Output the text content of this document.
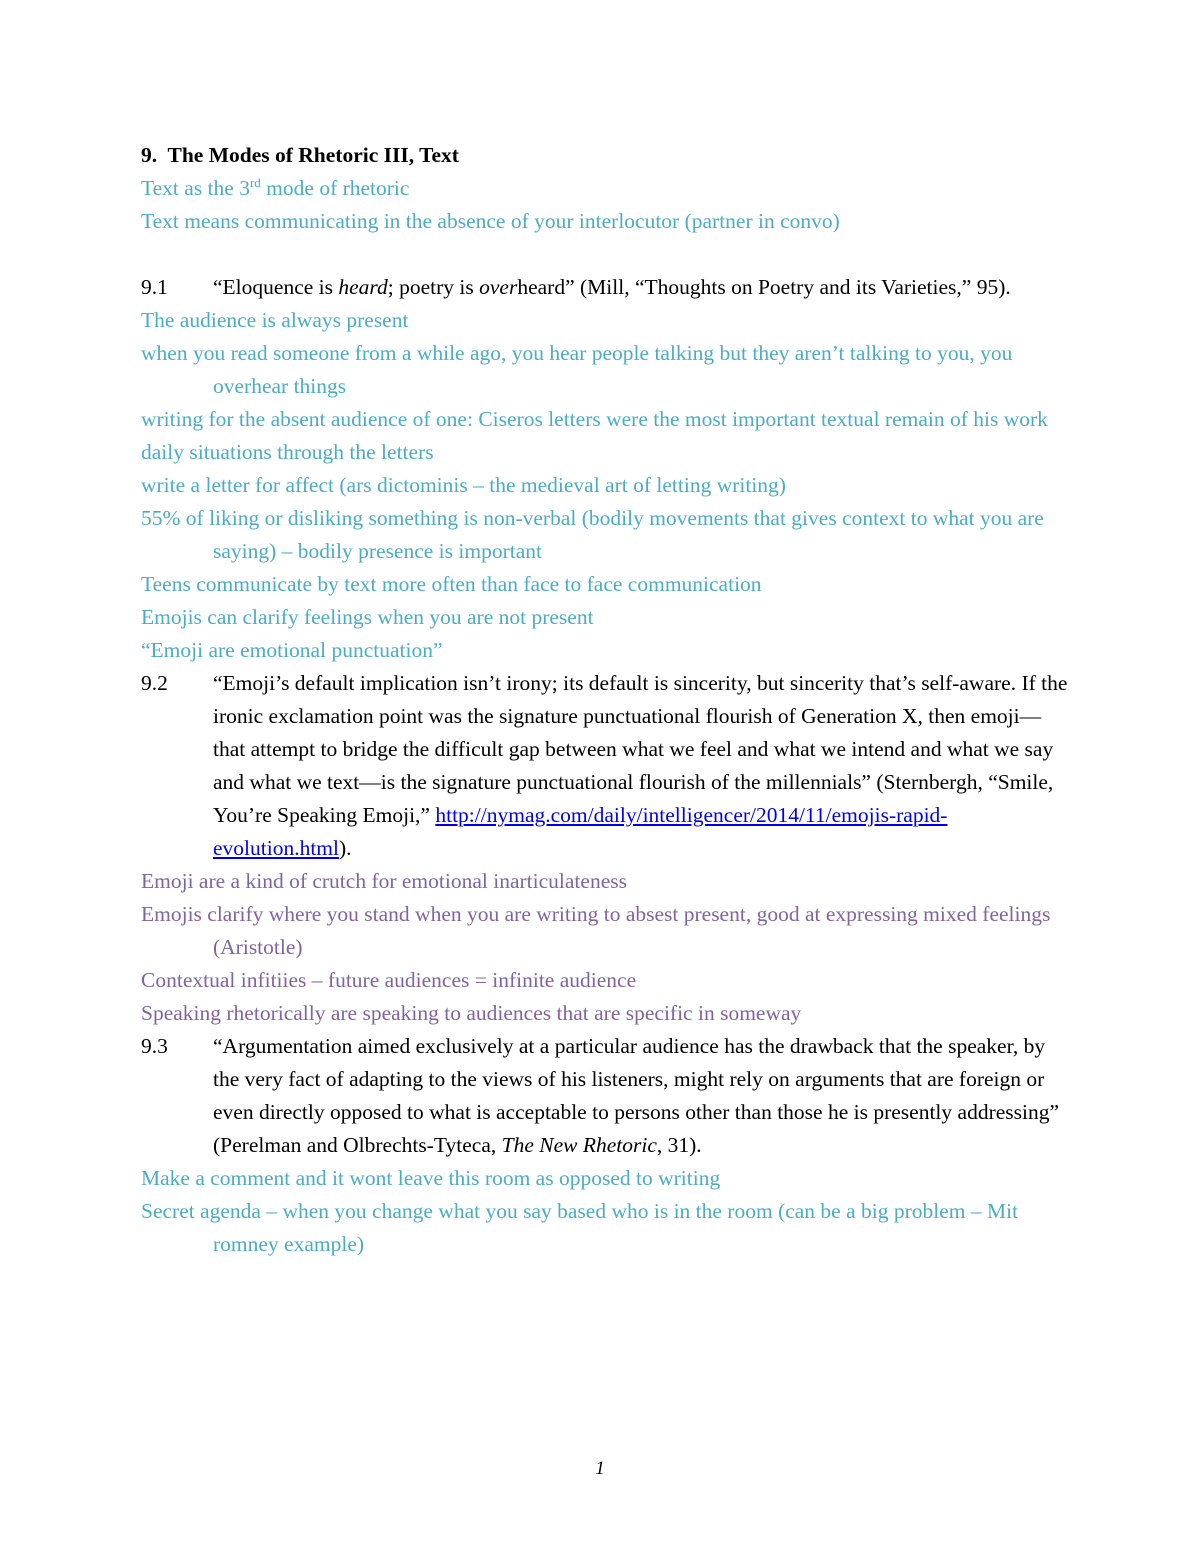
9. The Modes of Rhetoric III, Text
Text as the 3rd mode of rhetoric
Text means communicating in the absence of your interlocutor (partner in convo)
9.1 “Eloquence is heard; poetry is overheard” (Mill, “Thoughts on Poetry and its Varieties,” 95).
The audience is always present
when you read someone from a while ago, you hear people talking but they aren’t talking to you, you overhear things
writing for the absent audience of one: Ciseros letters were the most important textual remain of his work
daily situations through the letters
write a letter for affect (ars dictominis – the medieval art of letting writing)
55% of liking or disliking something is non-verbal (bodily movements that gives context to what you are saying) – bodily presence is important
Teens communicate by text more often than face to face communication
Emojis can clarify feelings when you are not present
“Emoji are emotional punctuation”
9.2 “Emoji’s default implication isn’t irony; its default is sincerity, but sincerity that’s self-aware. If the ironic exclamation point was the signature punctuational flourish of Generation X, then emoji—that attempt to bridge the difficult gap between what we feel and what we intend and what we say and what we text—is the signature punctuational flourish of the millennials” (Sternbergh, “Smile, You’re Speaking Emoji,” http://nymag.com/daily/intelligencer/2014/11/emojis-rapid-evolution.html).
Emoji are a kind of crutch for emotional inarticulateness
Emojis clarify where you stand when you are writing to absest present, good at expressing mixed feelings (Aristotle)
Contextual infitiies – future audiences = infinite audience
Speaking rhetorically are speaking to audiences that are specific in someway
9.3 “Argumentation aimed exclusively at a particular audience has the drawback that the speaker, by the very fact of adapting to the views of his listeners, might rely on arguments that are foreign or even directly opposed to what is acceptable to persons other than those he is presently addressing” (Perelman and Olbrechts-Tyteca, The New Rhetoric, 31).
Make a comment and it wont leave this room as opposed to writing
Secret agenda – when you change what you say based who is in the room (can be a big problem – Mit romney example)
1
